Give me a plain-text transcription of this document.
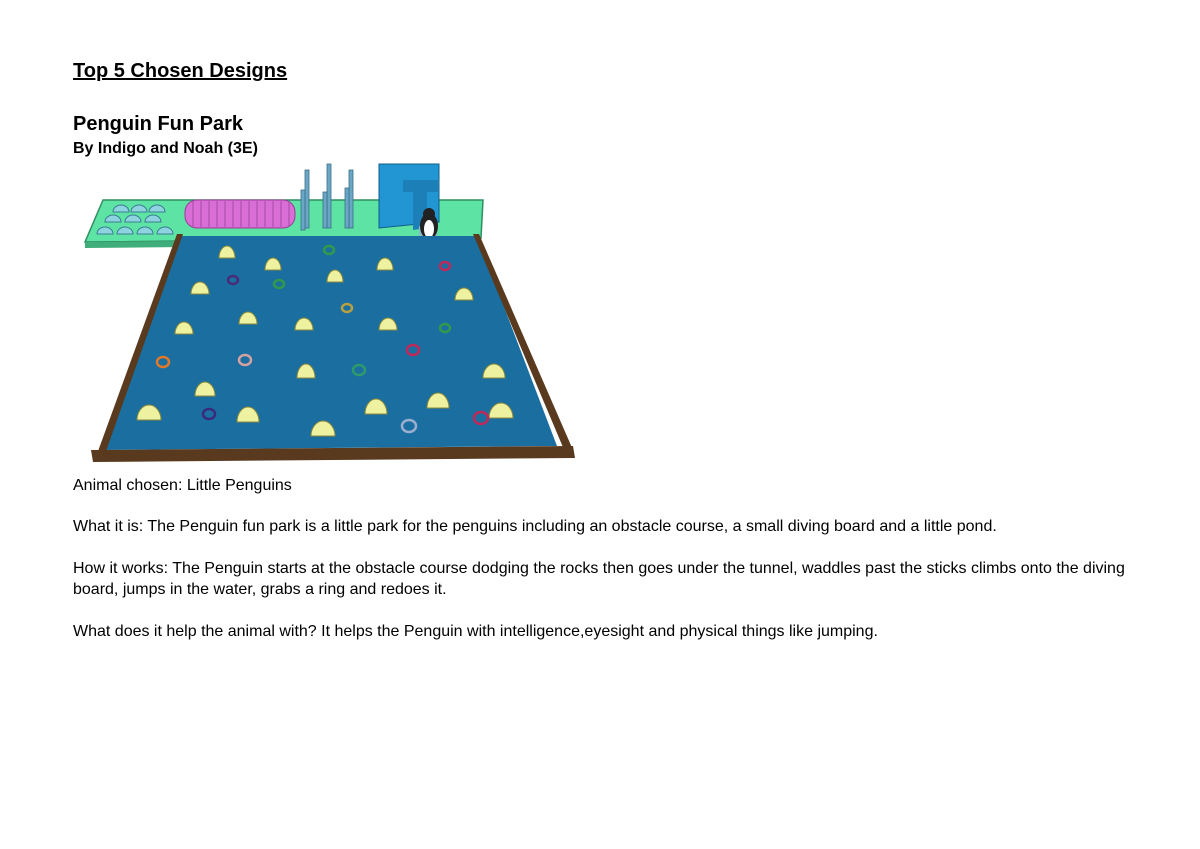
Top 5 Chosen Designs
Penguin Fun Park

By Indigo and Noah (3E)

Animal chosen: Little Penguins

What it is: The Penguin fun park is a little park for the penguins including an obstacle course, a small diving board and a little pond.

How it works: The Penguin starts at the obstacle course dodging the rocks then goes under the tunnel, waddles past the sticks climbs onto the diving board, jumps in the water, grabs a ring and redoes it.

What does it help the animal with? It helps the Penguin with intelligence,eyesight and physical things like jumping.
